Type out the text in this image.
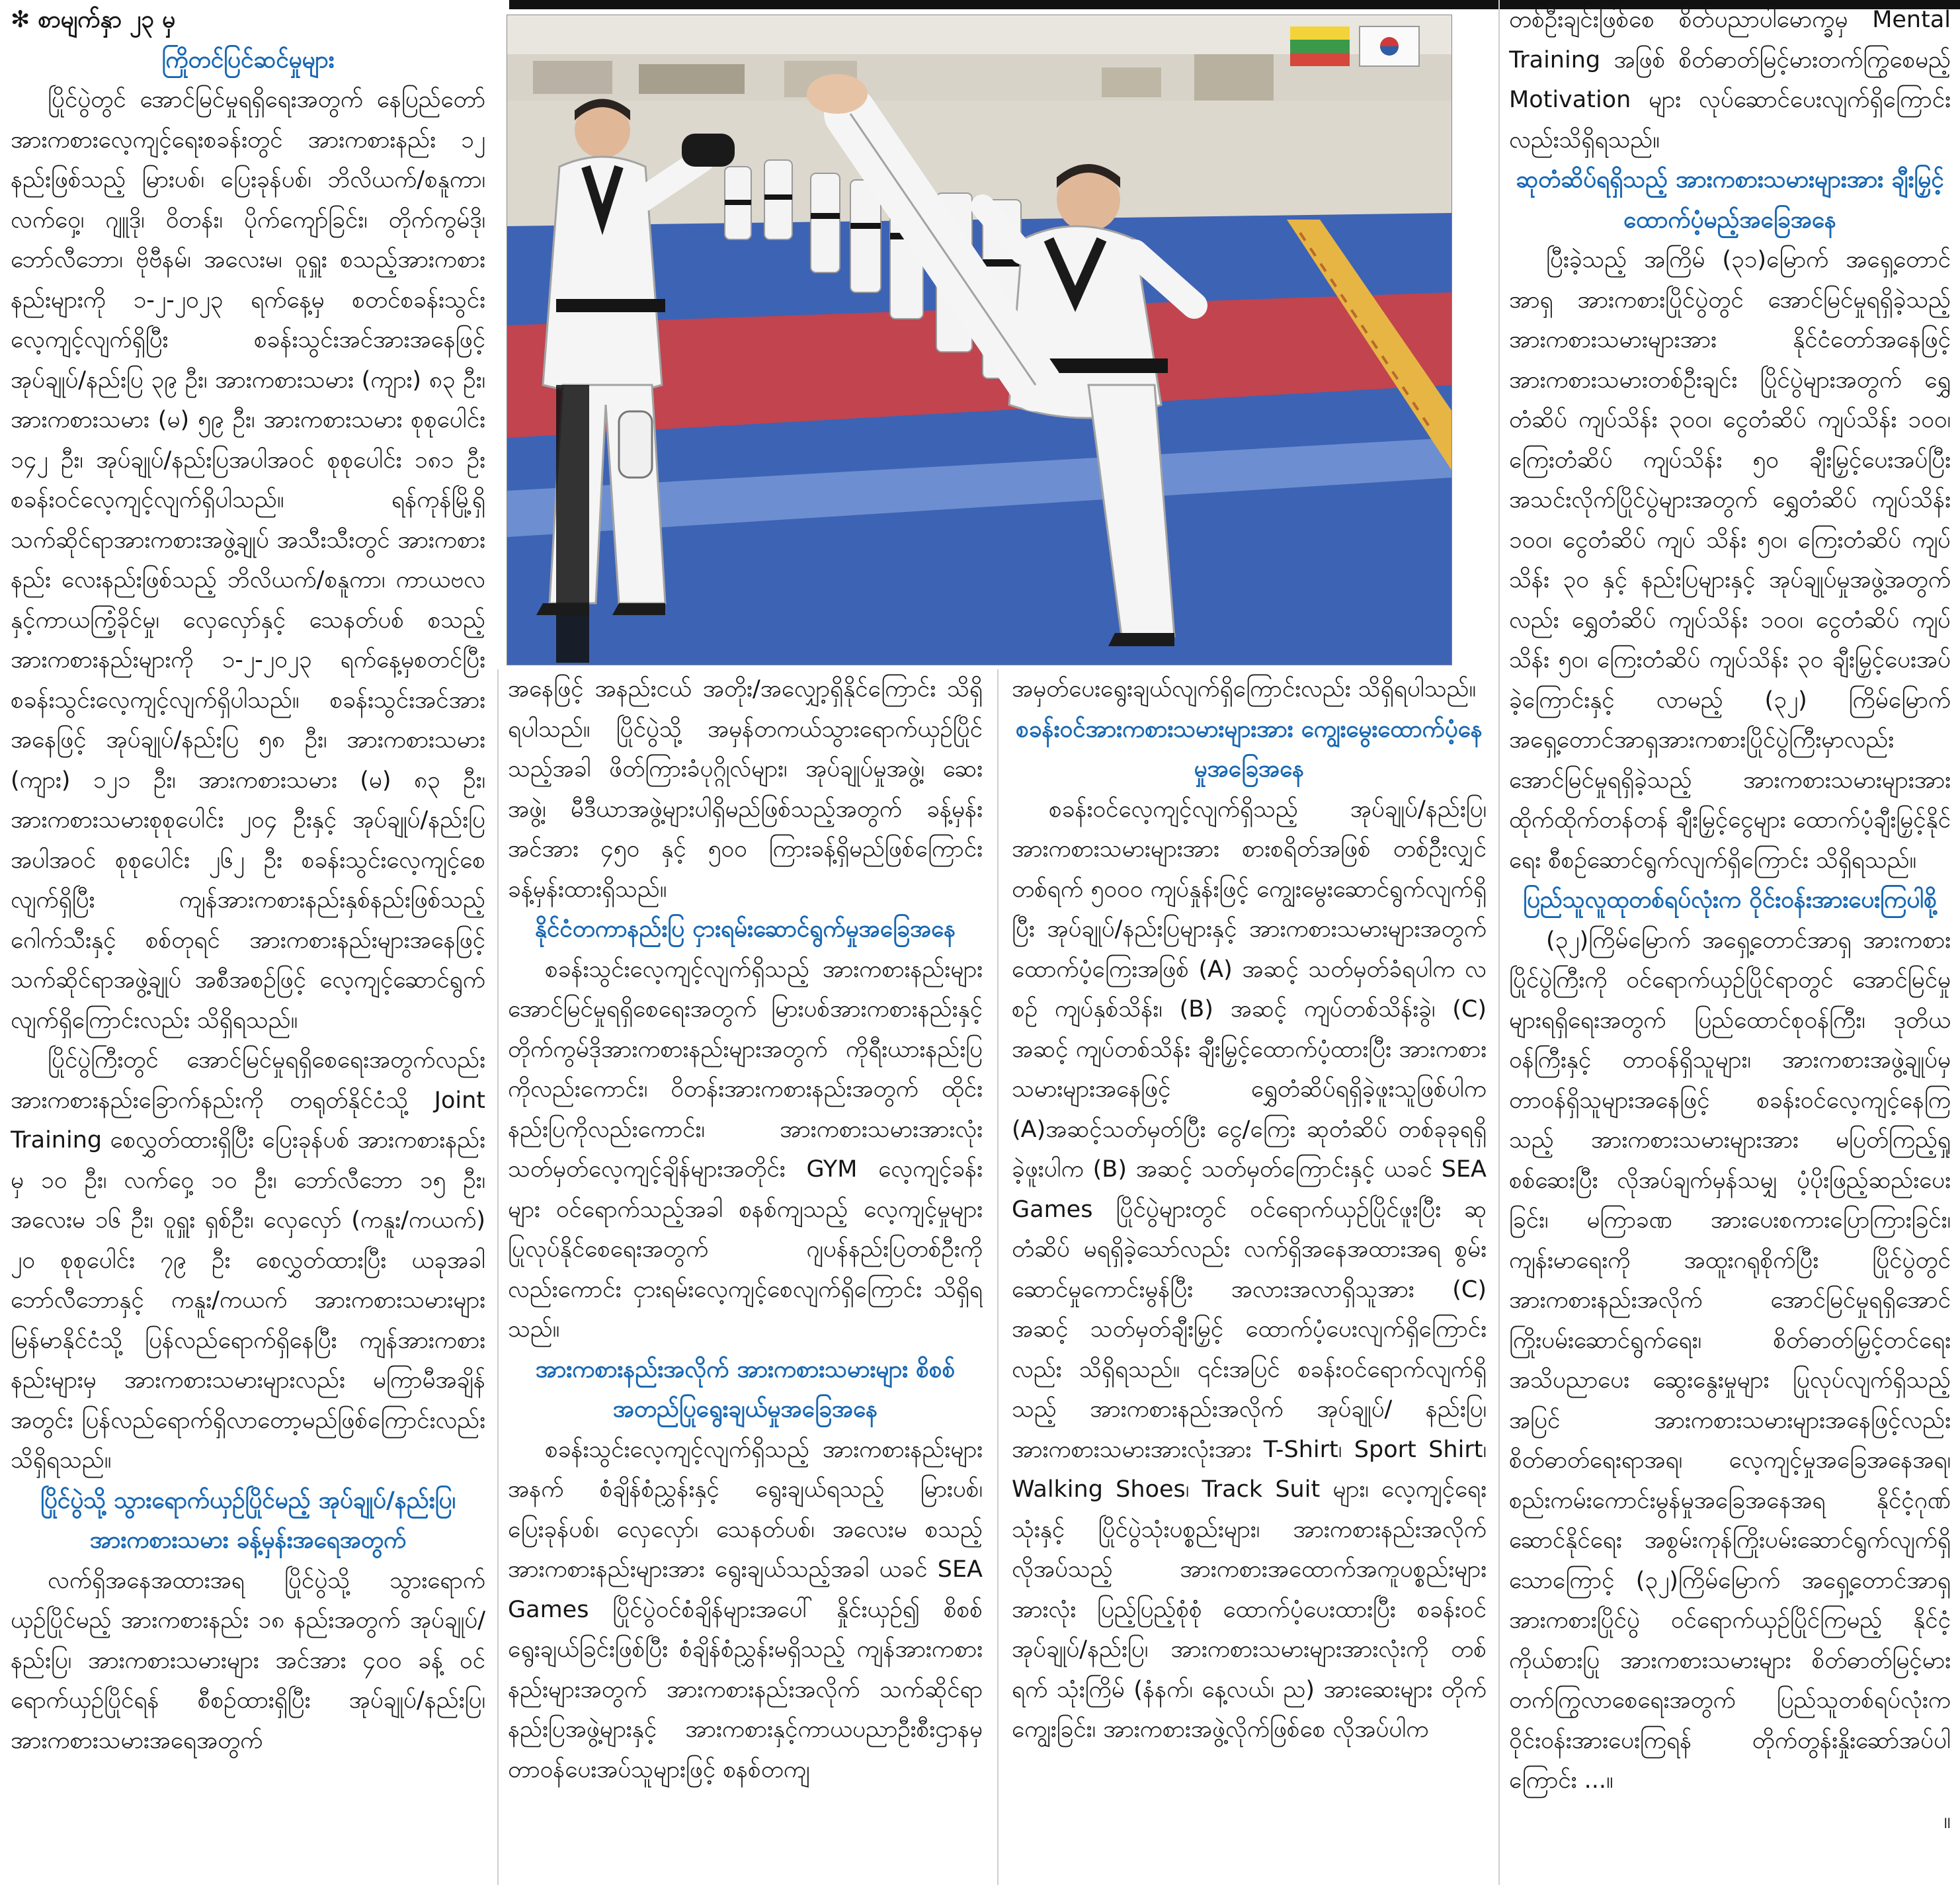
✻ စာမျက်နှာ ၂၃ မှ

ကြိုတင်ပြင်ဆင်မှုများ

ပြိုင်ပွဲတွင် အောင်မြင်မှုရရှိရေးအတွက် နေပြည်တော် အားကစားလေ့ကျင့်ရေးစခန်းတွင် အားကစားနည်း ၁၂ နည်းဖြစ်သည့် မြားပစ်၊ ပြေးခုန်ပစ်၊ ဘိလိယက်/စနူကာ၊ လက်ဝှေ့၊ ဂျူဒို၊ ဝိတန်း၊ ပိုက်ကျော်ခြင်း၊ တိုက်ကွမ်ဒို၊ ဘော်လီဘော၊ ဗိုဗီနမ်၊ အလေးမ၊ ဝူရှူး စသည့်အားကစားနည်းများကို ၁-၂-၂၀၂၃ ရက်နေ့မှ စတင်စခန်းသွင်းလေ့ကျင့်လျက်ရှိပြီး စခန်းသွင်းအင်အားအနေဖြင့် အုပ်ချုပ်/နည်းပြ ၃၉ ဦး၊ အားကစားသမား (ကျား) ၈၃ ဦး၊ အားကစားသမား (မ) ၅၉ ဦး၊ အားကစားသမား စုစုပေါင်း ၁၄၂ ဦး၊ အုပ်ချုပ်/နည်းပြအပါအဝင် စုစုပေါင်း ၁၈၁ ဦး စခန်းဝင်လေ့ကျင့်လျက်ရှိပါသည်။ ရန်ကုန်မြို့ရှိ သက်ဆိုင်ရာအားကစားအဖွဲ့ချုပ် အသီးသီးတွင် အားကစားနည်း လေးနည်းဖြစ်သည့် ဘိလိယက်/စနူကာ၊ ကာယဗလနှင့်ကာယကြံ့ခိုင်မှု၊ လှေလှော်နှင့် သေနတ်ပစ် စသည့် အားကစားနည်းများကို ၁-၂-၂၀၂၃ ရက်နေ့မှစတင်ပြီး စခန်းသွင်းလေ့ကျင့်လျက်ရှိပါသည်။ စခန်းသွင်းအင်အားအနေဖြင့် အုပ်ချုပ်/နည်းပြ ၅၈ ဦး၊ အားကစားသမား (ကျား) ၁၂၁ ဦး၊ အားကစားသမား (မ) ၈၃ ဦး၊ အားကစားသမားစုစုပေါင်း ၂၀၄ ဦးနှင့် အုပ်ချုပ်/နည်းပြအပါအဝင် စုစုပေါင်း ၂၆၂ ဦး စခန်းသွင်းလေ့ကျင့်စေလျက်ရှိပြီး ကျန်အားကစားနည်းနှစ်နည်းဖြစ်သည့် ဂေါက်သီးနှင့် စစ်တုရင် အားကစားနည်းများအနေဖြင့် သက်ဆိုင်ရာအဖွဲ့ချုပ် အစီအစဉ်ဖြင့် လေ့ကျင့်ဆောင်ရွက်လျက်ရှိကြောင်းလည်း သိရှိရသည်။

ပြိုင်ပွဲကြီးတွင် အောင်မြင်မှုရရှိစေရေးအတွက်လည်း အားကစားနည်းခြောက်နည်းကို တရုတ်နိုင်ငံသို့ Joint Training စေလွှတ်ထားရှိပြီး ပြေးခုန်ပစ် အားကစားနည်းမှ ၁၀ ဦး၊ လက်ဝှေ့ ၁၀ ဦး၊ ဘော်လီဘော ၁၅ ဦး၊ အလေးမ ၁၆ ဦး၊ ဝူရှူး ရှစ်ဦး၊ လှေလှော် (ကနူး/ကယက်) ၂၀ စုစုပေါင်း ၇၉ ဦး စေလွှတ်ထားပြီး ယခုအခါ ဘော်လီဘောနှင့် ကနူး/ကယက် အားကစားသမားများ မြန်မာနိုင်ငံသို့ ပြန်လည်ရောက်ရှိနေပြီး ကျန်အားကစားနည်းများမှ အားကစားသမားများလည်း မကြာမီအချိန်အတွင်း ပြန်လည်ရောက်ရှိလာတော့မည်ဖြစ်ကြောင်းလည်း သိရှိရသည်။

ပြိုင်ပွဲသို့ သွားရောက်ယှဉ်ပြိုင်မည့် အုပ်ချုပ်/နည်းပြ၊ အားကစားသမား ခန့်မှန်းအရေအတွက်

လက်ရှိအနေအထားအရ ပြိုင်ပွဲသို့ သွားရောက်ယှဉ်ပြိုင်မည့် အားကစားနည်း ၁၈ နည်းအတွက် အုပ်ချုပ်/နည်းပြ၊ အားကစားသမားများ အင်အား ၄၀၀ ခန့် ဝင်ရောက်ယှဉ်ပြိုင်ရန် စီစဉ်ထားရှိပြီး အုပ်ချုပ်/နည်းပြ၊ အားကစားသမားအရေအတွက်

အနေဖြင့် အနည်းငယ် အတိုး/အလျှော့ရှိနိုင်ကြောင်း သိရှိရပါသည်။ ပြိုင်ပွဲသို့ အမှန်တကယ်သွားရောက်ယှဉ်ပြိုင်သည့်အခါ ဖိတ်ကြားခံပုဂ္ဂိုလ်များ၊ အုပ်ချုပ်မှုအဖွဲ့၊ ဆေးအဖွဲ့၊ မီဒီယာအဖွဲ့များပါရှိမည်ဖြစ်သည့်အတွက် ခန့်မှန်းအင်အား ၄၅၀ နှင့် ၅၀၀ ကြားခန့်ရှိမည်ဖြစ်ကြောင်း ခန့်မှန်းထားရှိသည်။

နိုင်ငံတကာနည်းပြ ငှားရမ်းဆောင်ရွက်မှုအခြေအနေ

စခန်းသွင်းလေ့ကျင့်လျက်ရှိသည့် အားကစားနည်းများ အောင်မြင်မှုရရှိစေရေးအတွက် မြားပစ်အားကစားနည်းနှင့် တိုက်ကွမ်ဒိုအားကစားနည်းများအတွက် ကိုရီးယားနည်းပြကိုလည်းကောင်း၊ ဝိတန်းအားကစားနည်းအတွက် ထိုင်းနည်းပြကိုလည်းကောင်း၊ အားကစားသမားအားလုံး သတ်မှတ်လေ့ကျင့်ချိန်များအတိုင်း GYM လေ့ကျင့်ခန်းများ ဝင်ရောက်သည့်အခါ စနစ်ကျသည့် လေ့ကျင့်မှုများ ပြုလုပ်နိုင်စေရေးအတွက် ဂျပန်နည်းပြတစ်ဦးကိုလည်းကောင်း ငှားရမ်းလေ့ကျင့်စေလျက်ရှိကြောင်း သိရှိရသည်။

အားကစားနည်းအလိုက် အားကစားသမားများ စိစစ်အတည်ပြုရွေးချယ်မှုအခြေအနေ

စခန်းသွင်းလေ့ကျင့်လျက်ရှိသည့် အားကစားနည်းများအနက် စံချိန်စံညွှန်းနှင့် ရွေးချယ်ရသည့် မြားပစ်၊ ပြေးခုန်ပစ်၊ လှေလှော်၊ သေနတ်ပစ်၊ အလေးမ စသည့် အားကစားနည်းများအား ရွေးချယ်သည့်အခါ ယခင် SEA Games ပြိုင်ပွဲဝင်စံချိန်များအပေါ် နှိုင်းယှဉ်၍ စိစစ်ရွေးချယ်ခြင်းဖြစ်ပြီး စံချိန်စံညွှန်းမရှိသည့် ကျန်အားကစားနည်းများအတွက် အားကစားနည်းအလိုက် သက်ဆိုင်ရာနည်းပြအဖွဲ့များနှင့် အားကစားနှင့်ကာယပညာဦးစီးဌာနမှ တာဝန်ပေးအပ်သူများဖြင့် စနစ်တကျ

အမှတ်ပေးရွေးချယ်လျက်ရှိကြောင်းလည်း သိရှိရပါသည်။

စခန်းဝင်အားကစားသမားများအား ကျွေးမွေးထောက်ပံ့နေမှုအခြေအနေ

စခန်းဝင်လေ့ကျင့်လျက်ရှိသည့် အုပ်ချုပ်/နည်းပြ၊ အားကစားသမားများအား စားစရိတ်အဖြစ် တစ်ဦးလျှင် တစ်ရက် ၅၀၀၀ ကျပ်နှုန်းဖြင့် ကျွေးမွေးဆောင်ရွက်လျက်ရှိပြီး အုပ်ချုပ်/နည်းပြများနှင့် အားကစားသမားများအတွက် ထောက်ပံ့ကြေးအဖြစ် (A) အဆင့် သတ်မှတ်ခံရပါက လစဉ် ကျပ်နှစ်သိန်း၊ (B) အဆင့် ကျပ်တစ်သိန်းခွဲ၊ (C) အဆင့် ကျပ်တစ်သိန်း ချီးမြှင့်ထောက်ပံ့ထားပြီး အားကစားသမားများအနေဖြင့် ရွှေတံဆိပ်ရရှိခဲ့ဖူးသူဖြစ်ပါက (A)အဆင့်သတ်မှတ်ပြီး ငွေ/ကြေး ဆုတံဆိပ် တစ်ခုခုရရှိခဲ့ဖူးပါက (B) အဆင့် သတ်မှတ်ကြောင်းနှင့် ယခင် SEA Games ပြိုင်ပွဲများတွင် ဝင်ရောက်ယှဉ်ပြိုင်ဖူးပြီး ဆုတံဆိပ် မရရှိခဲ့သော်လည်း လက်ရှိအနေအထားအရ စွမ်းဆောင်မှုကောင်းမွန်ပြီး အလားအလာရှိသူအား (C) အဆင့် သတ်မှတ်ချီးမြှင့် ထောက်ပံ့ပေးလျက်ရှိကြောင်းလည်း သိရှိရသည်။ ၎င်းအပြင် စခန်းဝင်ရောက်လျက်ရှိသည့် အားကစားနည်းအလိုက် အုပ်ချုပ်/ နည်းပြ၊ အားကစားသမားအားလုံးအား T-Shirt၊ Sport Shirt၊ Walking Shoes၊ Track Suit များ၊ လေ့ကျင့်ရေးသုံးနှင့် ပြိုင်ပွဲသုံးပစ္စည်းများ၊ အားကစားနည်းအလိုက် လိုအပ်သည့် အားကစားအထောက်အကူပစ္စည်းများအားလုံး ပြည့်ပြည့်စုံစုံ ထောက်ပံ့ပေးထားပြီး စခန်းဝင် အုပ်ချုပ်/နည်းပြ၊ အားကစားသမားများအားလုံးကို တစ်ရက် သုံးကြိမ် (နံနက်၊ နေ့လယ်၊ ည) အားဆေးများ တိုက်ကျွေးခြင်း၊ အားကစားအဖွဲ့လိုက်ဖြစ်စေ လိုအပ်ပါက

တစ်ဦးချင်းဖြစ်စေ စိတ်ပညာပါမောက္ခမှ Mental Training အဖြစ် စိတ်ဓာတ်မြင့်မားတက်ကြွစေမည့် Motivation များ လုပ်ဆောင်ပေးလျက်ရှိကြောင်းလည်းသိရှိရသည်။

ဆုတံဆိပ်ရရှိသည့် အားကစားသမားများအား ချီးမြှင့်ထောက်ပံ့မည့်အခြေအနေ

ပြီးခဲ့သည့် အကြိမ် (၃၁)မြောက် အရှေ့တောင်အာရှ အားကစားပြိုင်ပွဲတွင် အောင်မြင်မှုရရှိခဲ့သည့် အားကစားသမားများအား နိုင်ငံတော်အနေဖြင့် အားကစားသမားတစ်ဦးချင်း ပြိုင်ပွဲများအတွက် ရွှေတံဆိပ် ကျပ်သိန်း ၃၀၀၊ ငွေတံဆိပ် ကျပ်သိန်း ၁၀၀၊ ကြေးတံဆိပ် ကျပ်သိန်း ၅၀ ချီးမြှင့်ပေးအပ်ပြီး အသင်းလိုက်ပြိုင်ပွဲများအတွက် ရွှေတံဆိပ် ကျပ်သိန်း ၁၀၀၊ ငွေတံဆိပ် ကျပ် သိန်း ၅၀၊ ကြေးတံဆိပ် ကျပ်သိန်း ၃၀ နှင့် နည်းပြများနှင့် အုပ်ချုပ်မှုအဖွဲ့အတွက်လည်း ရွှေတံဆိပ် ကျပ်သိန်း ၁၀၀၊ ငွေတံဆိပ် ကျပ်သိန်း ၅၀၊ ကြေးတံဆိပ် ကျပ်သိန်း ၃၀ ချီးမြှင့်ပေးအပ်ခဲ့ကြောင်းနှင့် လာမည့် (၃၂) ကြိမ်မြောက် အရှေ့တောင်အာရှအားကစားပြိုင်ပွဲကြီးမှာလည်း အောင်မြင်မှုရရှိခဲ့သည့် အားကစားသမားများအား ထိုက်ထိုက်တန်တန် ချီးမြှင့်ငွေများ ထောက်ပံ့ချီးမြှင့်နိုင်ရေး စီစဉ်ဆောင်ရွက်လျက်ရှိကြောင်း သိရှိရသည်။

ပြည်သူလူထုတစ်ရပ်လုံးက ဝိုင်းဝန်းအားပေးကြပါစို့

(၃၂)ကြိမ်မြောက် အရှေ့တောင်အာရှ အားကစားပြိုင်ပွဲကြီးကို ဝင်ရောက်ယှဉ်ပြိုင်ရာတွင် အောင်မြင်မှုများရရှိရေးအတွက် ပြည်ထောင်စုဝန်ကြီး၊ ဒုတိယဝန်ကြီးနှင့် တာဝန်ရှိသူများ၊ အားကစားအဖွဲ့ချုပ်မှ တာဝန်ရှိသူများအနေဖြင့် စခန်းဝင်လေ့ကျင့်နေကြသည့် အားကစားသမားများအား မပြတ်ကြည့်ရှုစစ်ဆေးပြီး လိုအပ်ချက်မှန်သမျှ ပံ့ပိုးဖြည့်ဆည်းပေးခြင်း၊ မကြာခဏ အားပေးစကားပြောကြားခြင်း၊ ကျန်းမာရေးကို အထူးဂရုစိုက်ပြီး ပြိုင်ပွဲတွင် အားကစားနည်းအလိုက် အောင်မြင်မှုရရှိအောင် ကြိုးပမ်းဆောင်ရွက်ရေး၊ စိတ်ဓာတ်မြှင့်တင်ရေး အသိပညာပေး ဆွေးနွေးမှုများ ပြုလုပ်လျက်ရှိသည့်အပြင် အားကစားသမားများအနေဖြင့်လည်း စိတ်ဓာတ်ရေးရာအရ၊ လေ့ကျင့်မှုအခြေအနေအရ၊ စည်းကမ်းကောင်းမွန်မှုအခြေအနေအရ နိုင်ငံ့ဂုဏ်ဆောင်နိုင်ရေး အစွမ်းကုန်ကြိုးပမ်းဆောင်ရွက်လျက်ရှိသောကြောင့် (၃၂)ကြိမ်မြောက် အရှေ့တောင်အာရှ အားကစားပြိုင်ပွဲ ဝင်ရောက်ယှဉ်ပြိုင်ကြမည့် နိုင်ငံ့ကိုယ်စားပြု အားကစားသမားများ စိတ်ဓာတ်မြင့်မားတက်ကြွလာစေရေးအတွက် ပြည်သူတစ်ရပ်လုံးက ဝိုင်းဝန်းအားပေးကြရန် တိုက်တွန်းနှိုးဆော်အပ်ပါကြောင်း ...။

။
